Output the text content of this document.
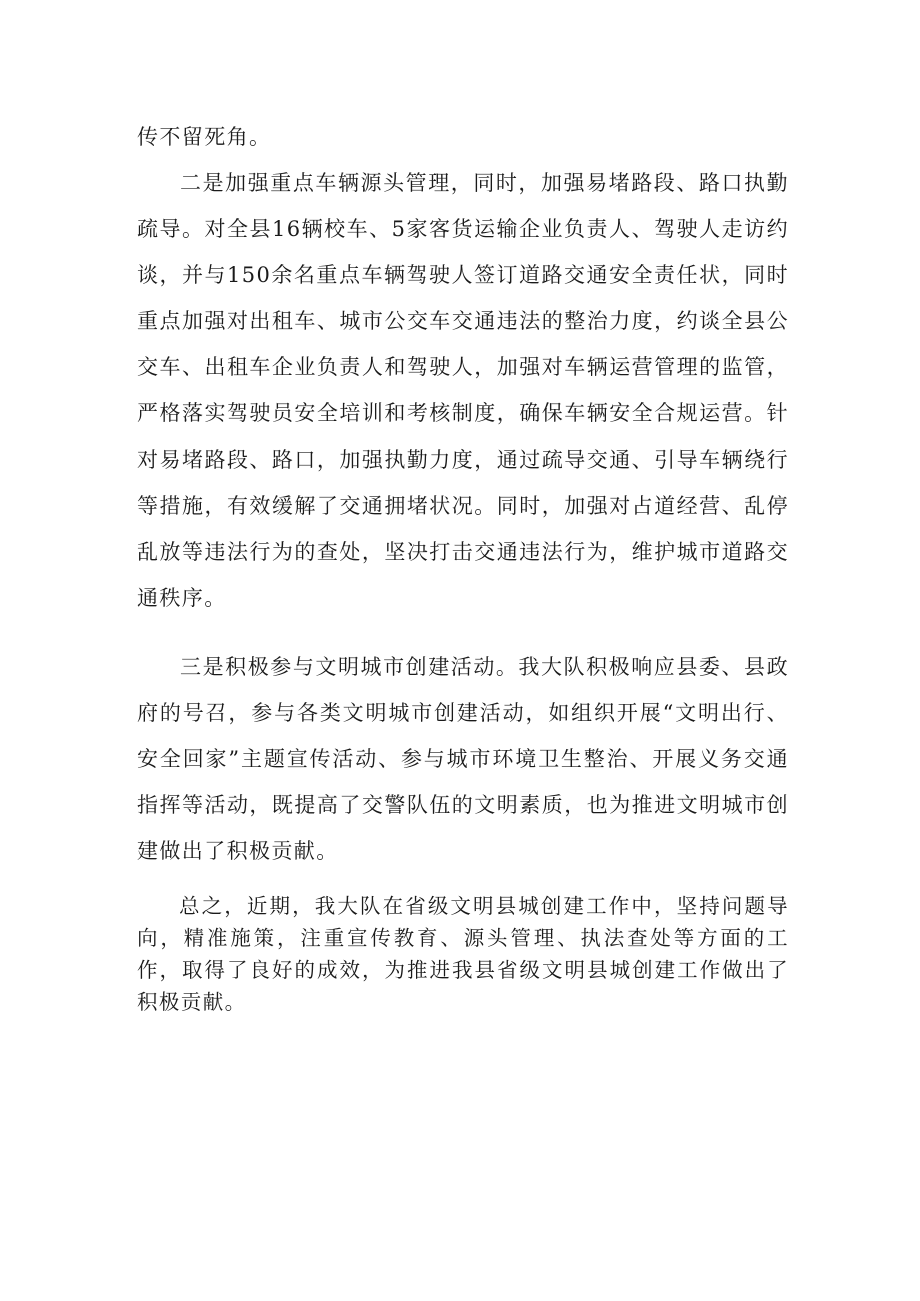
传不留死角。

二是加强重点车辆源头管理，同时，加强易堵路段、路口执勤疏导。对全县16辆校车、5家客货运输企业负责人、驾驶人走访约谈，并与150余名重点车辆驾驶人签订道路交通安全责任状，同时重点加强对出租车、城市公交车交通违法的整治力度，约谈全县公交车、出租车企业负责人和驾驶人，加强对车辆运营管理的监管，严格落实驾驶员安全培训和考核制度，确保车辆安全合规运营。针对易堵路段、路口，加强执勤力度，通过疏导交通、引导车辆绕行等措施，有效缓解了交通拥堵状况。同时，加强对占道经营、乱停乱放等违法行为的查处，坚决打击交通违法行为，维护城市道路交通秩序。

三是积极参与文明城市创建活动。我大队积极响应县委、县政府的号召，参与各类文明城市创建活动，如组织开展“文明出行、安全回家”主题宣传活动、参与城市环境卫生整治、开展义务交通指挥等活动，既提高了交警队伍的文明素质，也为推进文明城市创建做出了积极贡献。

总之，近期，我大队在省级文明县城创建工作中，坚持问题导向，精准施策，注重宣传教育、源头管理、执法查处等方面的工作，取得了良好的成效，为推进我县省级文明县城创建工作做出了积极贡献。
